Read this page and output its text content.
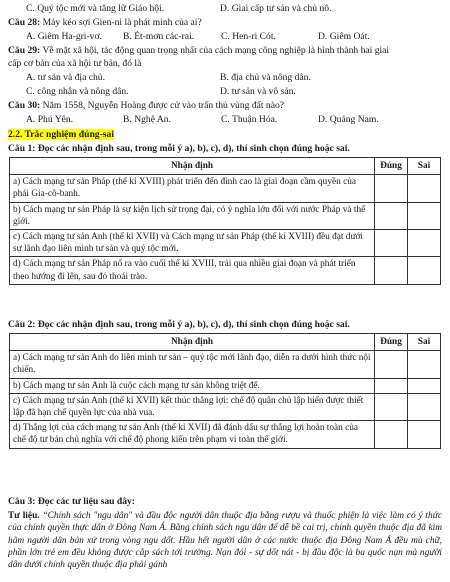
C. Quý tộc mới và tăng lữ Giáo hội.	D. Giai cấp tư sản và chủ nô.
Câu 28: Máy kéo sợi Gien-ni là phát minh của ai?
A. Giêm Ha-gri-vơ. B. Ét-mơn các-rai.	C. Hen-ri Cót.	D. Giêm Oát.
Câu 29: Về mặt xã hội, tác động quan trọng nhất của cách mạng công nghiệp là hình thành hai giai
cấp cơ bản của xã hội tư bản, đó là
A. tư sản và địa chủ.	B. địa chủ và nông dân.
C. công nhân và nông dân.	D. tư sản và vô sản.
Câu 30: Năm 1558, Nguyễn Hoàng được cử vào trấn thủ vùng đất nào?
A. Phú Yên.	B. Nghệ An.	C. Thuận Hóa.	D. Quảng Nam.
2.2. Trắc nghiệm đúng-sai
Câu 1: Đọc các nhận định sau, trong mỗi ý a), b), c), d), thí sinh chọn đúng hoặc sai.
Nhận định	Đúng	Sai
a) Cách mạng tư sản Pháp (thế kỉ XVIII) phát triển đến đỉnh cao là giai đoạn cầm quyền của phái Gia-cô-banh.		
b) Cách mạng tư sản Pháp là sự kiện lịch sử trọng đại, có ý nghĩa lớn đối với nước Pháp và thế giới.		
c) Cách mạng tư sản Anh (thế kỉ XVII) và Cách mạng tư sản Pháp (thế kỉ XVIII) đều đạt dưới sự lãnh đạo liên minh tư sản và quý tộc mới.		
d) Cách mạng tư sản Pháp nổ ra vào cuối thế kỉ XVIII, trải qua nhiều giai đoạn và phát triển theo hướng đi lên, sau đó thoái trào.		
Câu 2: Đọc các nhận định sau, trong mỗi ý a), b), c), d), thí sinh chọn đúng hoặc sai.
Nhận định	Đúng	Sai
a) Cách mạng tư sản Anh do liên minh tư sản – quý tộc mới lãnh đạo, diễn ra dưới hình thức nội chiến.		
b) Cách mạng tư sản Anh là cuộc cách mạng tư sản không triệt để.		
c) Cách mạng tư sản Anh (thế kỉ XVII) kết thúc thắng lợi: chế độ quân chủ lập hiến được thiết lập đã hạn chế quyền lực của nhà vua.		
d) Thắng lợi của cách mạng tư sản Anh (thế kỉ XVII) đã đánh dấu sự thắng lợi hoàn toàn của chế độ tư bản chủ nghĩa với chế độ phong kiến trên phạm vi toàn thế giới.		
Câu 3: Đọc các tư liệu sau đây:
Tư liệu. “Chính sách "ngu dân" và đầu độc người dân thuộc địa bằng rượu và thuốc phiện là việc làm có ý thức của chính quyền thực dân ở Đông Nam Á. Bằng chính sách ngu dân để dễ bề cai trị, chính quyền thuộc địa đã kìm hãm người dân bản xứ trong vòng ngu dốt. Hầu hết người dân ở các nước thuộc địa Đông Nam Á đều mù chữ, phần lớn trẻ em đều không được cắp sách tới trường. Nạn đói - sự dốt nát - bị đầu độc là ba quốc nạn mà người dân dưới chính quyền thuộc địa phải gánh
